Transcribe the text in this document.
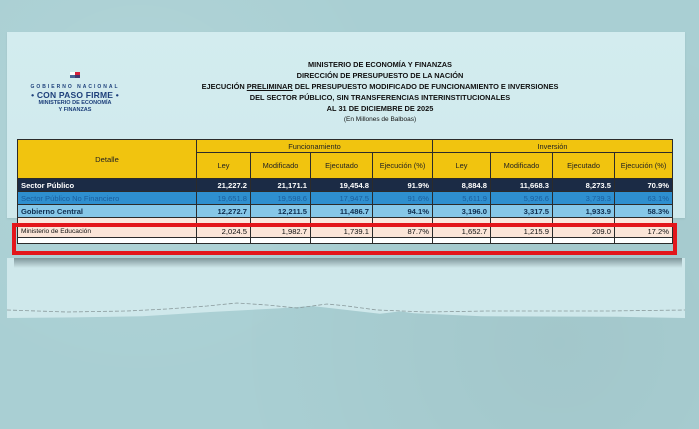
GOBIERNO NACIONAL
• CON PASO FIRME •
MINISTERIO DE ECONOMÍA
Y FINANZAS
MINISTERIO DE ECONOMÍA Y FINANZAS
DIRECCIÓN DE PRESUPUESTO DE LA NACIÓN
EJECUCIÓN PRELIMINAR DEL PRESUPUESTO MODIFICADO DE FUNCIONAMIENTO E INVERSIONES
DEL SECTOR PÚBLICO, SIN TRANSFERENCIAS INTERINSTITUCIONALES
AL 31 DE DICIEMBRE DE 2025
(En Millones de Balboas)
Detalle	Funcionamiento				Inversión			
	Ley	Modificado	Ejecutado	Ejecución (%)	Ley	Modificado	Ejecutado	Ejecución (%)
Sector Público	21,227.2	21,171.1	19,454.8	91.9%	8,884.8	11,668.3	8,273.5	70.9%
Sector Público No Financiero	19,651.8	19,598.6	17,947.5	91.6%	5,611.9	5,926.6	3,739.3	63.1%
Gobierno Central	12,272.7	12,211.5	11,486.7	94.1%	3,196.0	3,317.5	1,933.9	58.3%

Ministerio de Educación	2,024.5	1,982.7	1,739.1	87.7%	1,652.7	1,215.9	209.0	17.2%
